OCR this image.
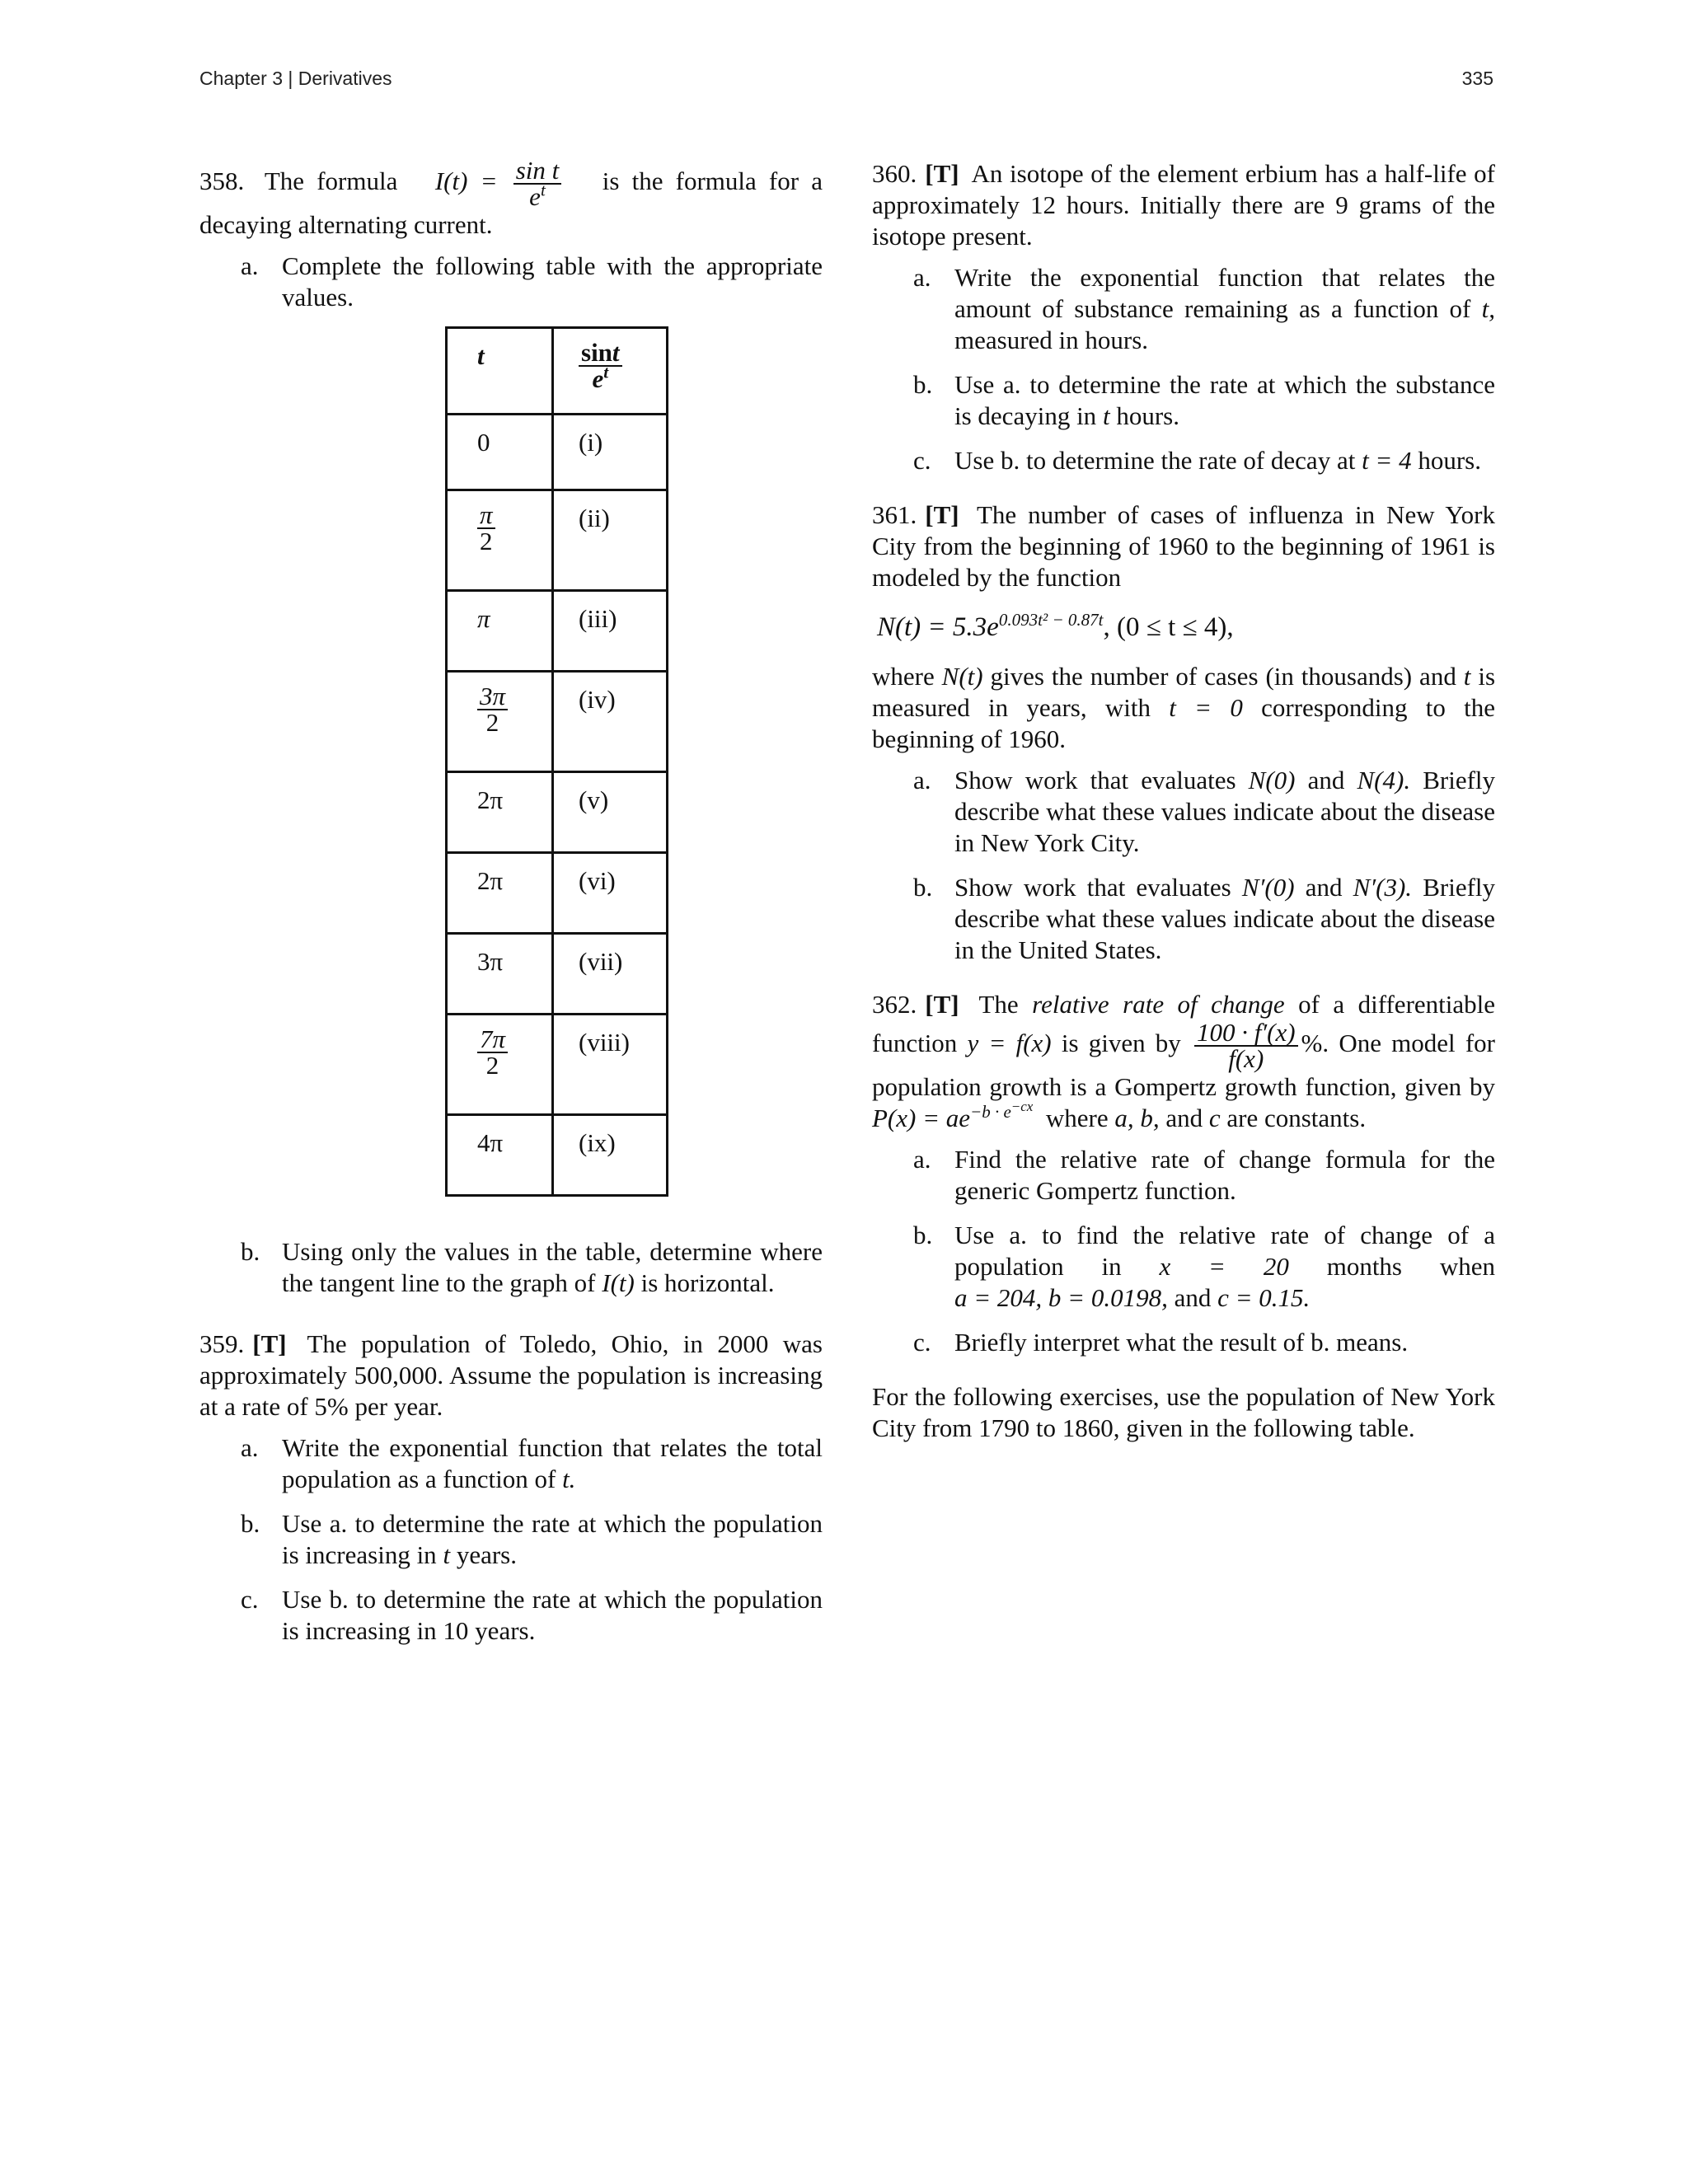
Chapter 3 | Derivatives	335
358. The formula $I(t) = \frac{\text{sin t}}{e^t}$ is the formula for a decaying alternating current.
a. Complete the following table with the appropriate values.
t	$\frac{\sin t}{e^t}$

0	(i)

$\frac{\pi}{2}$	(ii)
π	(iii)

$\frac{3\pi}{2}$	(iv)
2π	(v)
2π	(vi)
3π	(vii)

$\frac{7\pi}{2}$	(viii)
4π	(ix)
b. Using only the values in the table, determine where the tangent line to the graph of I(t) is horizontal.
359. [T] The population of Toledo, Ohio, in 2000 was approximately 500,000. Assume the population is increasing at a rate of 5% per year.
a. Write the exponential function that relates the total population as a function of t.
b. Use a. to determine the rate at which the population is increasing in t years.
c. Use b. to determine the rate at which the population is increasing in 10 years.
360. [T] An isotope of the element erbium has a half-life of approximately 12 hours. Initially there are 9 grams of the isotope present.
a. Write the exponential function that relates the amount of substance remaining as a function of t, measured in hours.
b. Use a. to determine the rate at which the substance is decaying in t hours.
c. Use b. to determine the rate of decay at t = 4 hours.
361. [T] The number of cases of influenza in New York City from the beginning of 1960 to the beginning of 1961 is modeled by the function
$N(t) = 5.3e^{0.093t^2 - 0.87t}$, (0 ≤ t ≤ 4),
where N(t) gives the number of cases (in thousands) and t is measured in years, with t = 0 corresponding to the beginning of 1960.
a. Show work that evaluates N(0) and N(4). Briefly describe what these values indicate about the disease in New York City.
b. Show work that evaluates N′(0) and N′(3). Briefly describe what these values indicate about the disease in the United States.
362. [T] The relative rate of change of a differentiable function y = f(x) is given by $\frac{100 \cdot f'(x)}{f(x)}$ %. One model for population growth is a Gompertz growth function, given by $P(x) = ae^{-b \cdot e^{-cx}}$ where a, b, and c are constants.
a. Find the relative rate of change formula for the generic Gompertz function.
b. Use a. to find the relative rate of change of a population in x = 20 months when a = 204, b = 0.0198, and c = 0.15.
c. Briefly interpret what the result of b. means.
For the following exercises, use the population of New York City from 1790 to 1860, given in the following table.
